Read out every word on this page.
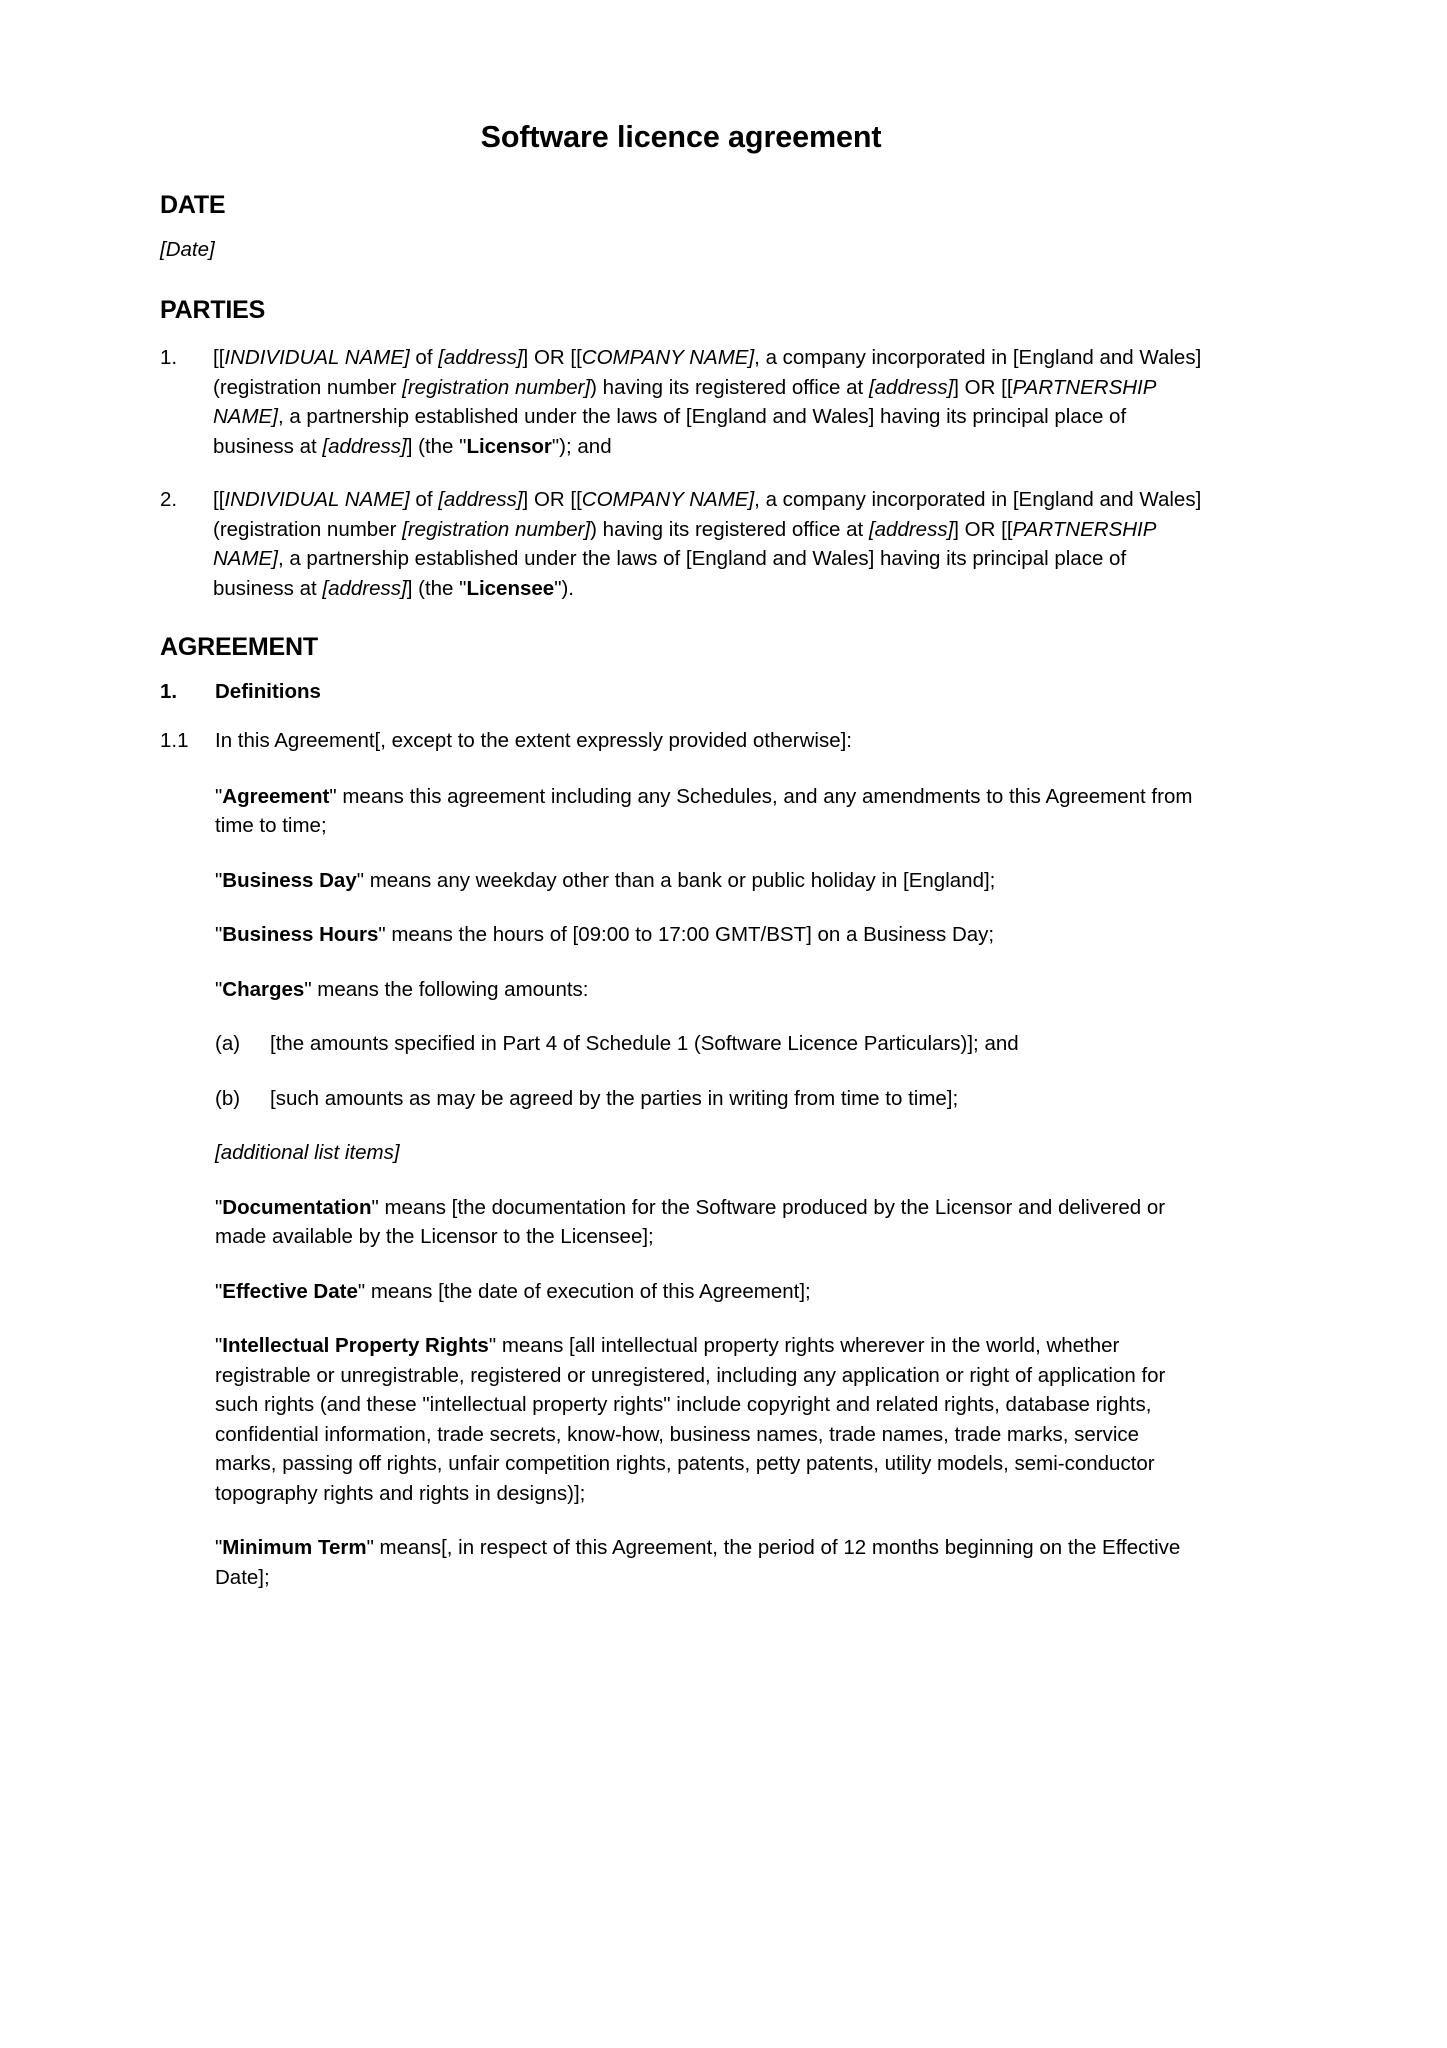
Software licence agreement
DATE

[Date]

PARTIES
1.	[[INDIVIDUAL NAME] of [address]] OR [[COMPANY NAME], a company incorporated in [England and Wales] (registration number [registration number]) having its registered office at [address]] OR [[PARTNERSHIP NAME], a partnership established under the laws of [England and Wales] having its principal place of business at [address]] (the "Licensor"); and
2.	[[INDIVIDUAL NAME] of [address]] OR [[COMPANY NAME], a company incorporated in [England and Wales] (registration number [registration number]) having its registered office at [address]] OR [[PARTNERSHIP NAME], a partnership established under the laws of [England and Wales] having its principal place of business at [address]] (the "Licensee").
AGREEMENT
1.	Definitions
1.1	In this Agreement[, except to the extent expressly provided otherwise]:

"Agreement" means this agreement including any Schedules, and any amendments to this Agreement from time to time;

"Business Day" means any weekday other than a bank or public holiday in [England];

"Business Hours" means the hours of [09:00 to 17:00 GMT/BST] on a Business Day;

"Charges" means the following amounts:

(a)	[the amounts specified in Part 4 of Schedule 1 (Software Licence Particulars)]; and
(b)	[such amounts as may be agreed by the parties in writing from time to time];

[additional list items]

"Documentation" means [the documentation for the Software produced by the Licensor and delivered or made available by the Licensor to the Licensee];

"Effective Date" means [the date of execution of this Agreement];

"Intellectual Property Rights" means [all intellectual property rights wherever in the world, whether registrable or unregistrable, registered or unregistered, including any application or right of application for such rights (and these "intellectual property rights" include copyright and related rights, database rights, confidential information, trade secrets, know-how, business names, trade names, trade marks, service marks, passing off rights, unfair competition rights, patents, petty patents, utility models, semi-conductor topography rights and rights in designs)];

"Minimum Term" means[, in respect of this Agreement, the period of 12 months beginning on the Effective Date];
